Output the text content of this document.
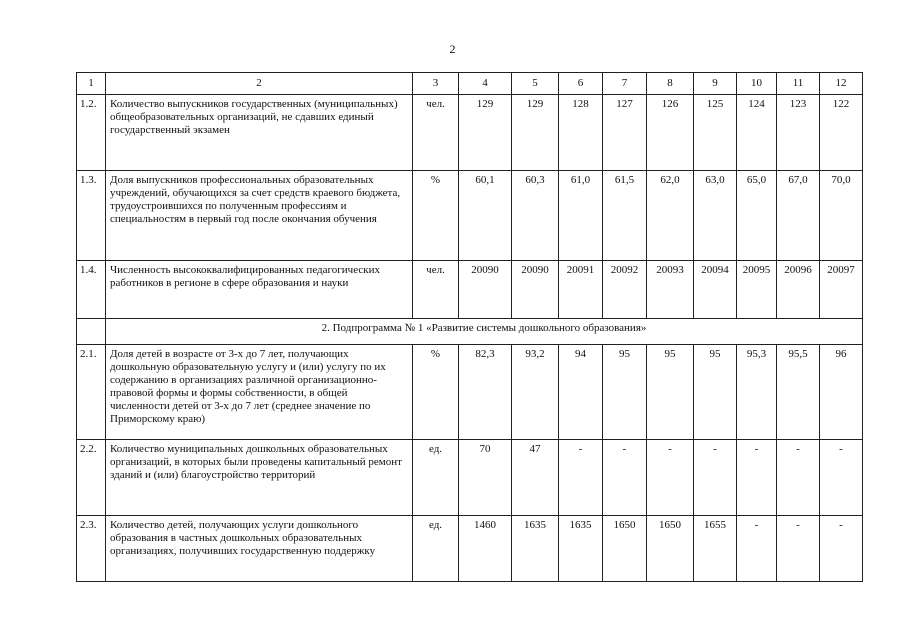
2
1	2	3	4	5	6	7	8	9	10	11	12
1.2.	Количество выпускников государственных (муниципальных) общеобразовательных организаций, не сдавших единый государственный экзамен	чел.	129	129	128	127	126	125	124	123	122
1.3.	Доля выпускников профессиональных образовательных учреждений, обучающихся за счет средств краевого бюджета, трудоустроившихся по полученным профессиям и специальностям в первый год после окончания обучения	%	60,1	60,3	61,0	61,5	62,0	63,0	65,0	67,0	70,0
1.4.	Численность высококвалифицированных педагогических работников в регионе в сфере образования и науки	чел.	20090	20090	20091	20092	20093	20094	20095	20096	20097
	2. Подпрограмма № 1 «Развитие системы дошкольного образования»										
2.1.	Доля детей в возрасте от 3-х до 7 лет, получающих дошкольную образовательную услугу и (или) услугу по их содержанию в организациях различной организационно-правовой формы и формы собственности, в общей численности детей от 3-х до 7 лет (среднее значение по Приморскому краю)	%	82,3	93,2	94	95	95	95	95,3	95,5	96
2.2.	Количество муниципальных дошкольных образовательных организаций, в которых были проведены капитальный ремонт зданий и (или) благоустройство территорий	ед.	70	47	-	-	-	-	-	-	-
2.3.	Количество детей, получающих услуги дошкольного образования в частных дошкольных образовательных организациях, получивших государственную поддержку	ед.	1460	1635	1635	1650	1650	1655	-	-	-
